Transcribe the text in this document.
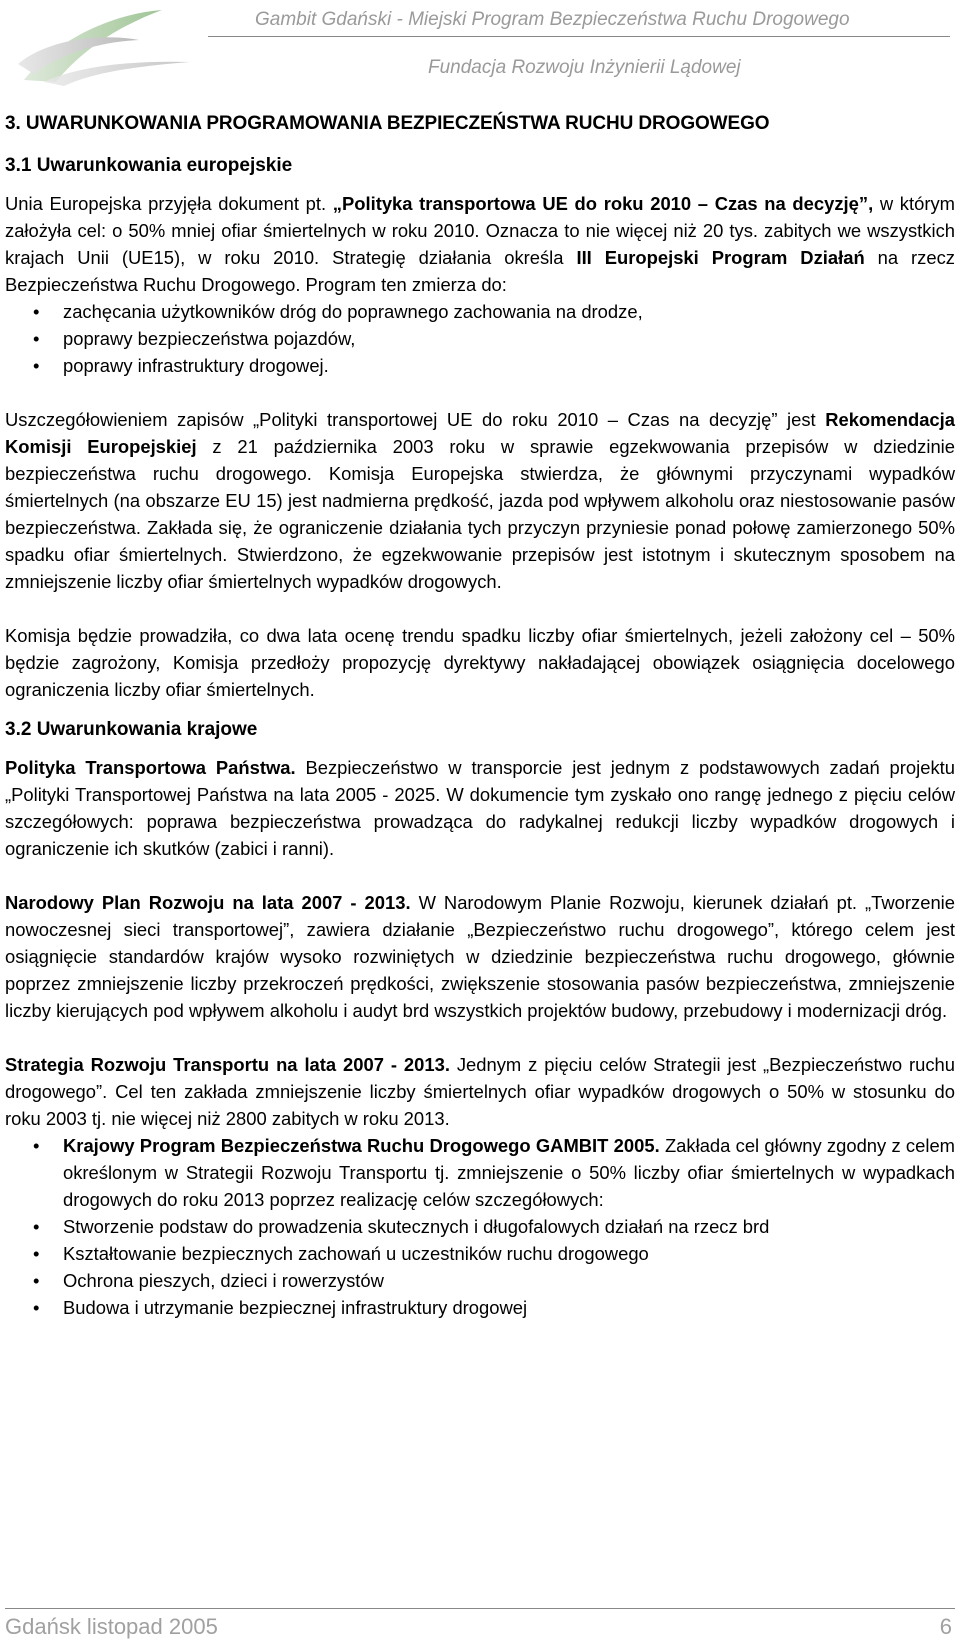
Gambit Gdański - Miejski Program Bezpieczeństwa Ruchu Drogowego
Fundacja Rozwoju Inżynierii Lądowej
3. UWARUNKOWANIA PROGRAMOWANIA BEZPIECZEŃSTWA RUCHU DROGOWEGO
3.1 Uwarunkowania europejskie

Unia Europejska przyjęła dokument pt. „Polityka transportowa UE do roku 2010 – Czas na decyzję”, w którym założyła cel: o 50% mniej ofiar śmiertelnych w roku 2010. Oznacza to nie więcej niż 20 tys. zabitych we wszystkich krajach Unii (UE15), w roku 2010. Strategię działania określa III Europejski Program Działań na rzecz Bezpieczeństwa Ruchu Drogowego. Program ten zmierza do:

• zachęcania użytkowników dróg do poprawnego zachowania na drodze,
• poprawy bezpieczeństwa pojazdów,
• poprawy infrastruktury drogowej.

Uszczegółowieniem zapisów „Polityki transportowej UE do roku 2010 – Czas na decyzję” jest Rekomendacja Komisji Europejskiej z 21 października 2003 roku w sprawie egzekwowania przepisów w dziedzinie bezpieczeństwa ruchu drogowego. Komisja Europejska stwierdza, że głównymi przyczynami wypadków śmiertelnych (na obszarze EU 15) jest nadmierna prędkość, jazda pod wpływem alkoholu oraz niestosowanie pasów bezpieczeństwa. Zakłada się, że ograniczenie działania tych przyczyn przyniesie ponad połowę zamierzonego 50% spadku ofiar śmiertelnych. Stwierdzono, że egzekwowanie przepisów jest istotnym i skutecznym sposobem na zmniejszenie liczby ofiar śmiertelnych wypadków drogowych.

Komisja będzie prowadziła, co dwa lata ocenę trendu spadku liczby ofiar śmiertelnych, jeżeli założony cel – 50% będzie zagrożony, Komisja przedłoży propozycję dyrektywy nakładającej obowiązek osiągnięcia docelowego ograniczenia liczby ofiar śmiertelnych.

3.2 Uwarunkowania krajowe

Polityka Transportowa Państwa. Bezpieczeństwo w transporcie jest jednym z podstawowych zadań projektu „Polityki Transportowej Państwa na lata 2005 - 2025. W dokumencie tym zyskało ono rangę jednego z pięciu celów szczegółowych: poprawa bezpieczeństwa prowadząca do radykalnej redukcji liczby wypadków drogowych i ograniczenie ich skutków (zabici i ranni).

Narodowy Plan Rozwoju na lata 2007 - 2013. W Narodowym Planie Rozwoju, kierunek działań pt. „Tworzenie nowoczesnej sieci transportowej”, zawiera działanie „Bezpieczeństwo ruchu drogowego”, którego celem jest osiągnięcie standardów krajów wysoko rozwiniętych w dziedzinie bezpieczeństwa ruchu drogowego, głównie poprzez zmniejszenie liczby przekroczeń prędkości, zwiększenie stosowania pasów bezpieczeństwa, zmniejszenie liczby kierujących pod wpływem alkoholu i audyt brd wszystkich projektów budowy, przebudowy i modernizacji dróg.

Strategia Rozwoju Transportu na lata 2007 - 2013. Jednym z pięciu celów Strategii jest „Bezpieczeństwo ruchu drogowego”. Cel ten zakłada zmniejszenie liczby śmiertelnych ofiar wypadków drogowych o 50% w stosunku do roku 2003 tj. nie więcej niż 2800 zabitych w roku 2013.

• Krajowy Program Bezpieczeństwa Ruchu Drogowego GAMBIT 2005. Zakłada cel główny zgodny z celem określonym w Strategii Rozwoju Transportu tj. zmniejszenie o 50% liczby ofiar śmiertelnych w wypadkach drogowych do roku 2013 poprzez realizację celów szczegółowych:
• Stworzenie podstaw do prowadzenia skutecznych i długofalowych działań na rzecz brd
• Kształtowanie bezpiecznych zachowań u uczestników ruchu drogowego
• Ochrona pieszych, dzieci i rowerzystów
• Budowa i utrzymanie bezpiecznej infrastruktury drogowej
Gdańsk listopad 2005	6
